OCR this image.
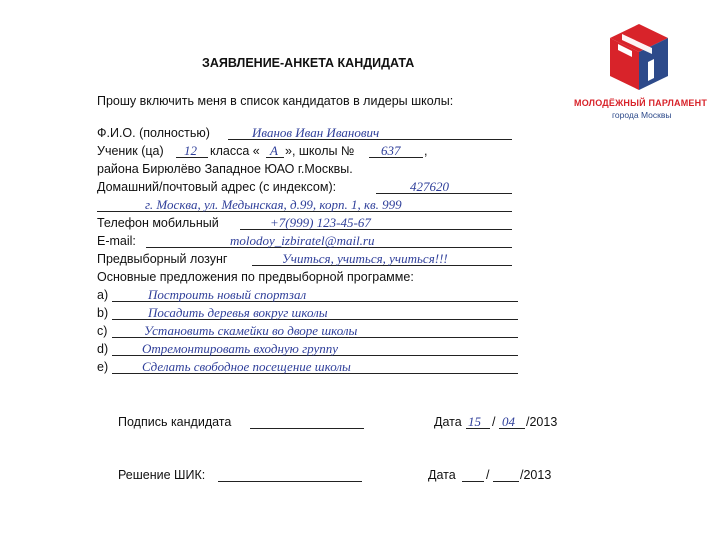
МОЛОДЁЖНЫЙ ПАРЛАМЕНТ
города Москвы
ЗАЯВЛЕНИЕ-АНКЕТА КАНДИДАТА
Прошу включить меня в список кандидатов в лидеры школы:
Ф.И.О. (полностью)	Иванов Иван Иванович
Ученик (ца) 12 класса « А », школы № 637 ,
района Бирюлёво Западное ЮАО г.Москвы.
Домашний/почтовый адрес (с индексом):	427620
г. Москва, ул. Медынская, д.99, корп. 1, кв. 999
Телефон мобильный	+7(999) 123-45-67
E-mail:	molodoy_izbiratel@mail.ru
Предвыборный лозунг	Учиться, учиться, учиться!!!
Основные предложения по предвыборной программе:
a)	Построить новый спортзал
b)	Посадить деревья вокруг школы
c)	Установить скамейки во дворе школы
d)	Отремонтировать входную группу
e)	Сделать свободное посещение школы
Подпись кандидата	Дата 15 / 04 /2013
Решение ШИК:	Дата / /2013
